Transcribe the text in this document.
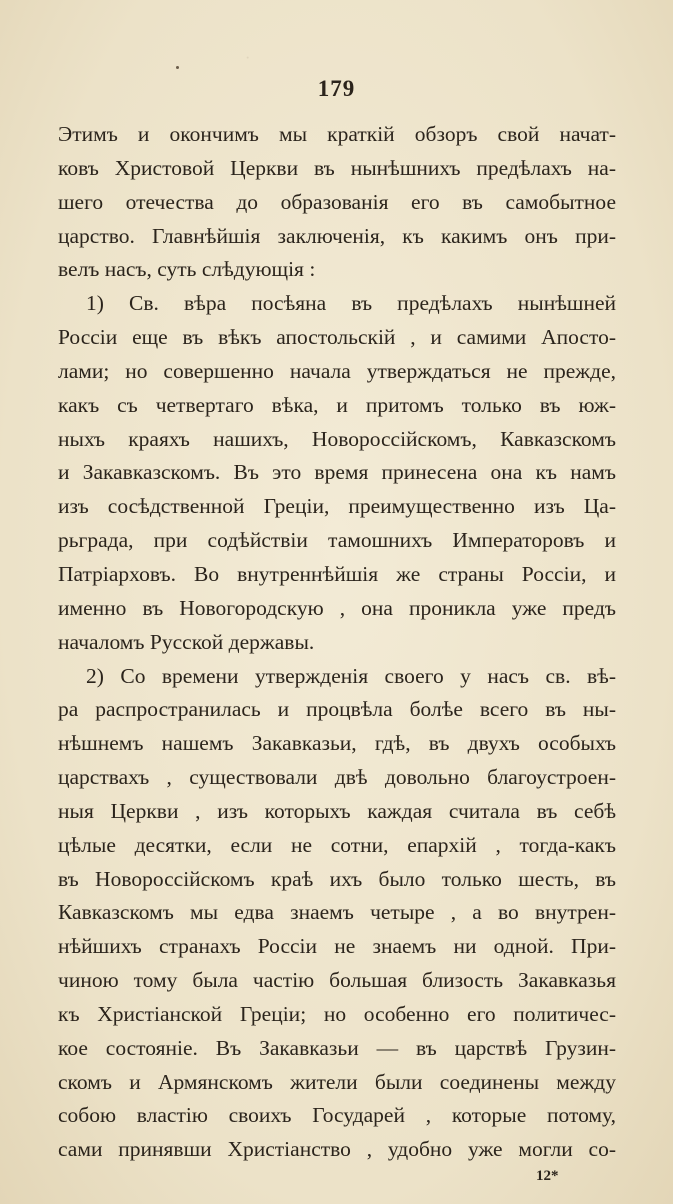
·
179
Этимъ и окончимъ мы краткій обзоръ свой начат-
ковъ Христовой Церкви въ нынѣшнихъ предѣлахъ на-
шего отечества до образованія его въ самобытное
царство. Главнѣйшія заключенія, къ какимъ онъ при-
велъ насъ, суть слѣдующія :
1) Св. вѣра посѣяна въ предѣлахъ нынѣшней
Россіи еще въ вѣкъ апостольскій , и самими Апосто-
лами; но совершенно начала утверждаться не прежде,
какъ съ четвертаго вѣка, и притомъ только въ юж-
ныхъ краяхъ нашихъ, Новороссійскомъ, Кавказскомъ
и Закавказскомъ. Въ это время принесена она къ намъ
изъ сосѣдственной Греціи, преимущественно изъ Ца-
рьграда, при содѣйствіи тамошнихъ Императоровъ и
Патріарховъ. Во внутреннѣйшія же страны Россіи, и
именно въ Новогородскую , она проникла уже предъ
началомъ Русской державы.
2) Со времени утвержденія своего у насъ св. вѣ-
ра распространилась и процвѣла болѣе всего въ ны-
нѣшнемъ нашемъ Закавказьи, гдѣ, въ двухъ особыхъ
царствахъ , существовали двѣ довольно благоустроен-
ныя Церкви , изъ которыхъ каждая считала въ себѣ
цѣлые десятки, если не сотни, епархій , тогда-какъ
въ Новороссійскомъ краѣ ихъ было только шесть, въ
Кавказскомъ мы едва знаемъ четыре , а во внутрен-
нѣйшихъ странахъ Россіи не знаемъ ни одной. При-
чиною тому была частію большая близость Закавказья
къ Христіанской Греціи; но особенно его политичес-
кое состояніе. Въ Закавказьи — въ царствѣ Грузин-
скомъ и Армянскомъ жители были соединены между
собою властію своихъ Государей , которые потому,
сами принявши Христіанство , удобно уже могли со-
12*
